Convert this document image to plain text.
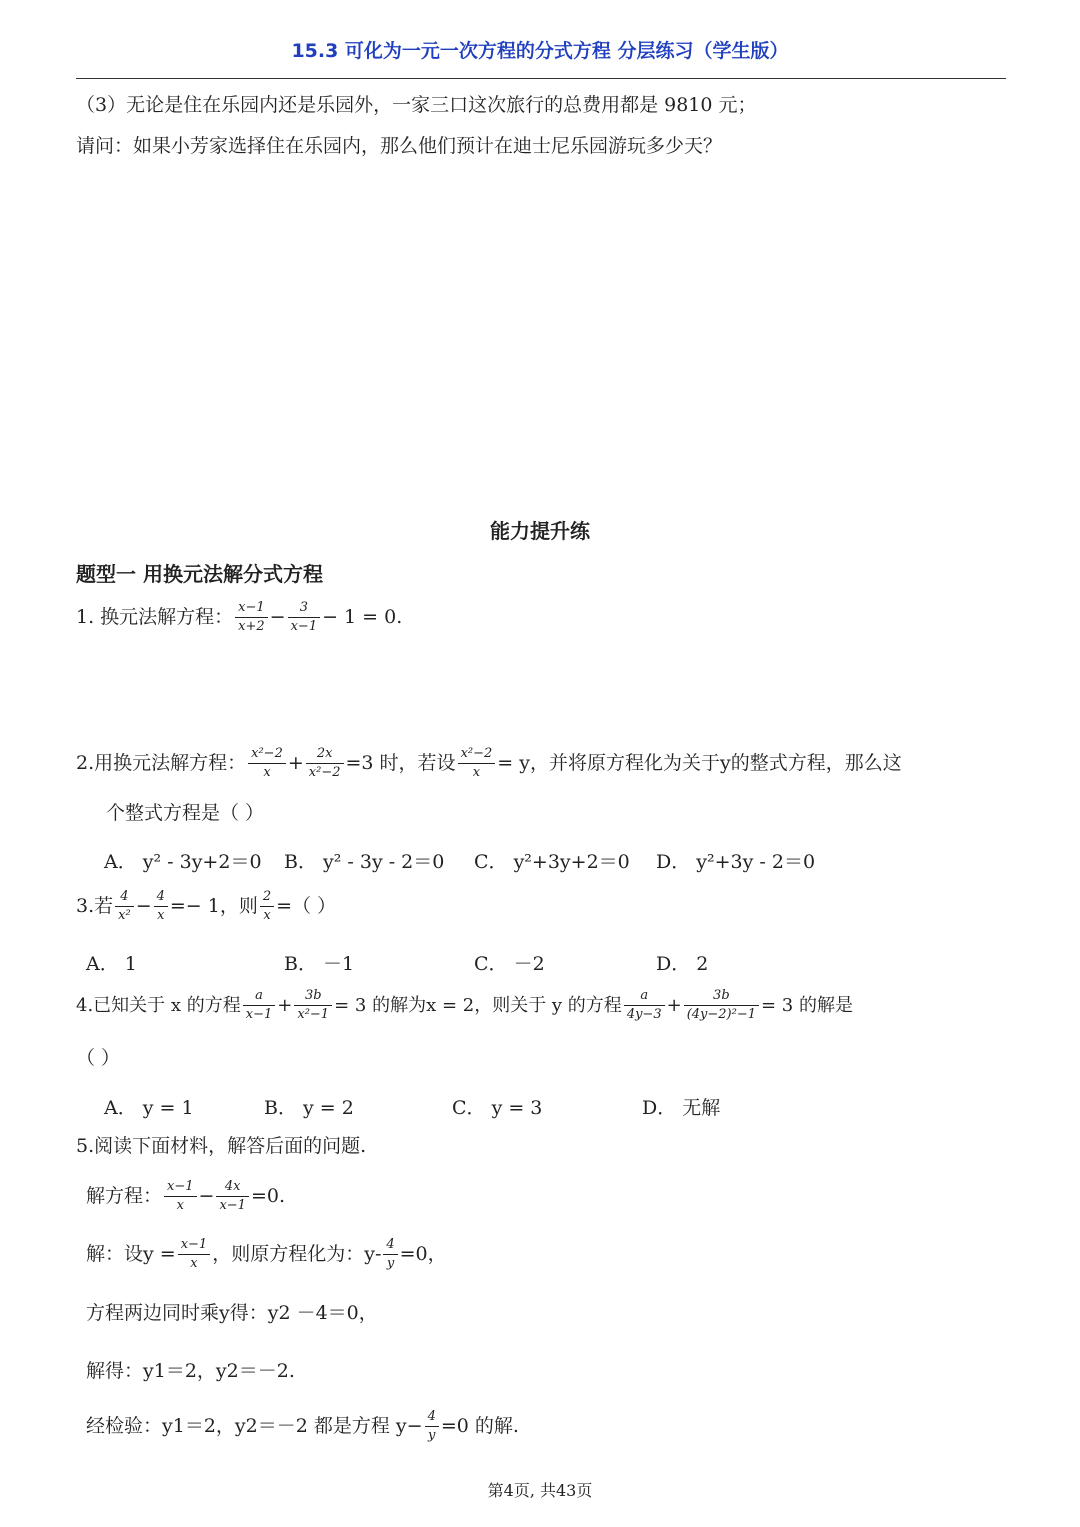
15.3 可化为一元一次方程的分式方程 分层练习（学生版）
（3）无论是住在乐园内还是乐园外，一家三口这次旅行的总费用都是 9810 元；
请问：如果小芳家选择住在乐园内，那么他们预计在迪士尼乐园游玩多少天？
能力提升练
题型一 用换元法解分式方程
1. 换元法解方程： $\frac{x-1}{x+2} - \frac{3}{x-1} - 1 = 0$.
2.用换元法解方程： $\frac{\text{x²−2}}{x} + \frac{2x}{\text{x²−2}} =3$ 时，若设 $\frac{\text{x²−2}}{x} = y$，并将原方程化为关于y的整式方程，那么这
个整式方程是（ ）
A． y² - 3y+2＝0 B． y² - 3y - 2＝0 C． y²+3y+2＝0 D． y²+3y - 2＝0
3.若 $\frac{4}{\text{x²}} - \frac{4}{x} =- 1$，则 $\frac{2}{x}$ =（ ）
A． 1	B． －1	C． －2	D． 2
4.已知关于 x 的方程 $\frac{a}{x-1} + \frac{3b}{\text{x²−1}} = 3$ 的解为x = 2，则关于 y 的方程 $\frac{a}{4y-3} + \frac{3b}{\text{(4y−2)²−1}} = 3$ 的解是
（ ）
A． y = 1	B． y = 2	C． y = 3	D． 无解
5.阅读下面材料，解答后面的问题.
解方程： $\frac{x-1}{x} - \frac{4x}{x-1} =0$.
解：设$y = \frac{x-1}{x}$ ，则原方程化为：$y- \frac{4}{y} =0$，
方程两边同时乘y得：y2 －4＝0，
解得：y1＝2，y2＝－2.
经检验：y1＝2，y2＝－2 都是方程 $y- \frac{4}{y} =0$ 的解.
第4页, 共43页
